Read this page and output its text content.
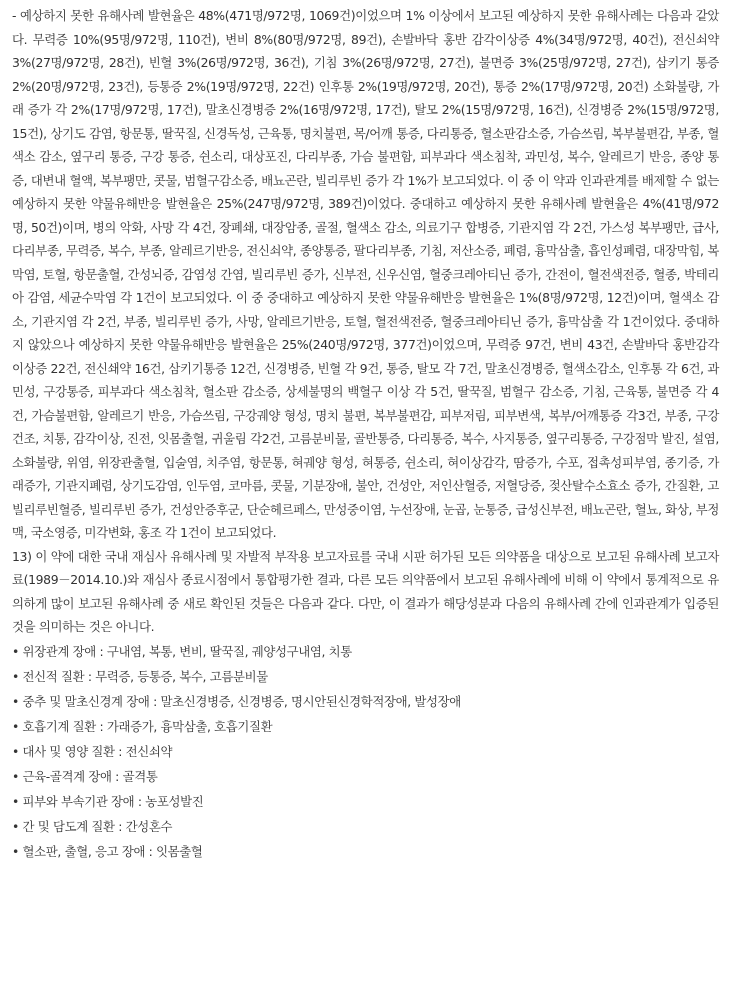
- 예상하지 못한 유해사례 발현율은 48%(471명/972명, 1069건)이었으며 1% 이상에서 보고된 예상하지 못한 유해사례는 다음과 같았다. 무력증 10%(95명/972명, 110건), 변비 8%(80명/972명, 89건), 손발바닥 홍반 감각이상증 4%(34명/972명, 40건), 전신쇠약 3%(27명/972명, 28건), 빈혈 3%(26명/972명, 36건), 기침 3%(26명/972명, 27건), 불면증 3%(25명/972명, 27건), 삼키기 통증 2%(20명/972명, 23건), 등통증 2%(19명/972명, 22건) 인후통 2%(19명/972명, 20건), 통증 2%(17명/972명, 20건) 소화불량, 가래 증가 각 2%(17명/972명, 17건), 말초신경병증 2%(16명/972명, 17건), 탈모 2%(15명/972명, 16건), 신경병증 2%(15명/972명, 15건), 상기도 감염, 항문통, 딸꾹질, 신경독성, 근육통, 명치불편, 목/어깨 통증, 다리통증, 혈소판감소증, 가슴쓰림, 복부불편감, 부종, 혈색소 감소, 옆구리 통증, 구강 통증, 쉰소리, 대상포진, 다리부종, 가슴 불편함, 피부과다 색소침착, 과민성, 복수, 알레르기 반응, 종양 통증, 대변내 혈액, 복부팽만, 콧물, 범혈구감소증, 배뇨곤란, 빌리루빈 증가 각 1%가 보고되었다. 이 중 이 약과 인과관계를 배제할 수 없는 예상하지 못한 약물유해반응 발현율은 25%(247명/972명, 389건)이었다. 중대하고 예상하지 못한 유해사례 발현율은 4%(41명/972명, 50건)이며, 병의 악화, 사망 각 4건, 장폐쇄, 대장암종, 골절, 혈색소 감소, 의료기구 합병증, 기관지염 각 2건, 가스성 복부팽만, 급사, 다리부종, 무력증, 복수, 부종, 알레르기반응, 전신쇠약, 종양통증, 팔다리부종, 기침, 저산소증, 폐렴, 흉막삼출, 흡인성폐렴, 대장막힘, 복막염, 토혈, 항문출혈, 간성뇌증, 감염성 간염, 빌리루빈 증가, 신부전, 신우신염, 혈중크레아티닌 증가, 간전이, 혈전색전증, 혈종, 박테리아 감염, 세균수막염 각 1건이 보고되었다. 이 중 중대하고 예상하지 못한 약물유해반응 발현율은 1%(8명/972명, 12건)이며, 혈색소 감소, 기관지염 각 2건, 부종, 빌리루빈 증가, 사망, 알레르기반응, 토혈, 혈전색전증, 혈중크레아티닌 증가, 흉막삼출 각 1건이었다. 중대하지 않았으나 예상하지 못한 약물유해반응 발현율은 25%(240명/972명, 377건)이었으며, 무력증 97건, 변비 43건, 손발바닥 홍반감각이상증 22건, 전신쇄약 16건, 삼키기통증 12건, 신경병증, 빈혈 각 9건, 통증, 탈모 각 7건, 말초신경병증, 혈색소감소, 인후통 각 6건, 과민성, 구강통증, 피부과다 색소침착, 혈소판 감소증, 상세불명의 백혈구 이상 각 5건, 딸꾹질, 범혈구 감소증, 기침, 근육통, 불면증 각 4건, 가슴불편함, 알레르기 반응, 가슴쓰림, 구강궤양 형성, 명치 불편, 복부불편감, 피부저림, 피부변색, 복부/어깨통증 각3건, 부종, 구강건조, 치통, 감각이상, 진전, 잇몸출혈, 귀울림 각2건, 고름분비물, 골반통증, 다리통증, 복수, 사지통증, 옆구리통증, 구강점막 발진, 설염, 소화불량, 위염, 위장관출혈, 입술염, 치주염, 항문통, 혀궤양 형성, 혀통증, 쉰소리, 혀이상감각, 땀증가, 수포, 접촉성피부염, 종기증, 가래증가, 기관지폐렴, 상기도감염, 인두염, 코마름, 콧물, 기분장애, 불안, 건성안, 저인산혈증, 저혈당증, 젖산탈수소효소 증가, 간질환, 고빌리루빈혈증, 빌리루빈 증가, 건성안증후군, 단순헤르페스, 만성중이염, 누선장애, 눈곱, 눈통증, 급성신부전, 배뇨곤란, 혈뇨, 화상, 부정맥, 국소영증, 미각변화, 홍조 각 1건이 보고되었다.

13) 이 약에 대한 국내 재심사 유해사례 및 자발적 부작용 보고자료를 국내 시판 허가된 모든 의약품을 대상으로 보고된 유해사례 보고자료(1989－2014.10.)와 재심사 종료시점에서 통합평가한 결과, 다른 모든 의약품에서 보고된 유해사례에 비해 이 약에서 통계적으로 유의하게 많이 보고된 유해사례 중 새로 확인된 것들은 다음과 같다. 다만, 이 결과가 해당성분과 다음의 유해사례 간에 인과관계가 입증된 것을 의미하는 것은 아니다.

• 위장관계 장애 : 구내염, 복통, 변비, 딸꾹질, 궤양성구내염, 치통
• 전신적 질환 : 무력증, 등통증, 복수, 고름분비물
• 중추 및 말초신경계 장애 : 말초신경병증, 신경병증, 명시안된신경학적장애, 발성장애
• 호흡기계 질환 : 가래증가, 흉막삼출, 호흡기질환
• 대사 및 영양 질환 : 전신쇠약
• 근육-골격계 장애 : 골격통
• 피부와 부속기관 장애 : 농포성발진
• 간 및 담도계 질환 : 간성혼수
• 혈소판, 출혈, 응고 장애 : 잇몸출혈
